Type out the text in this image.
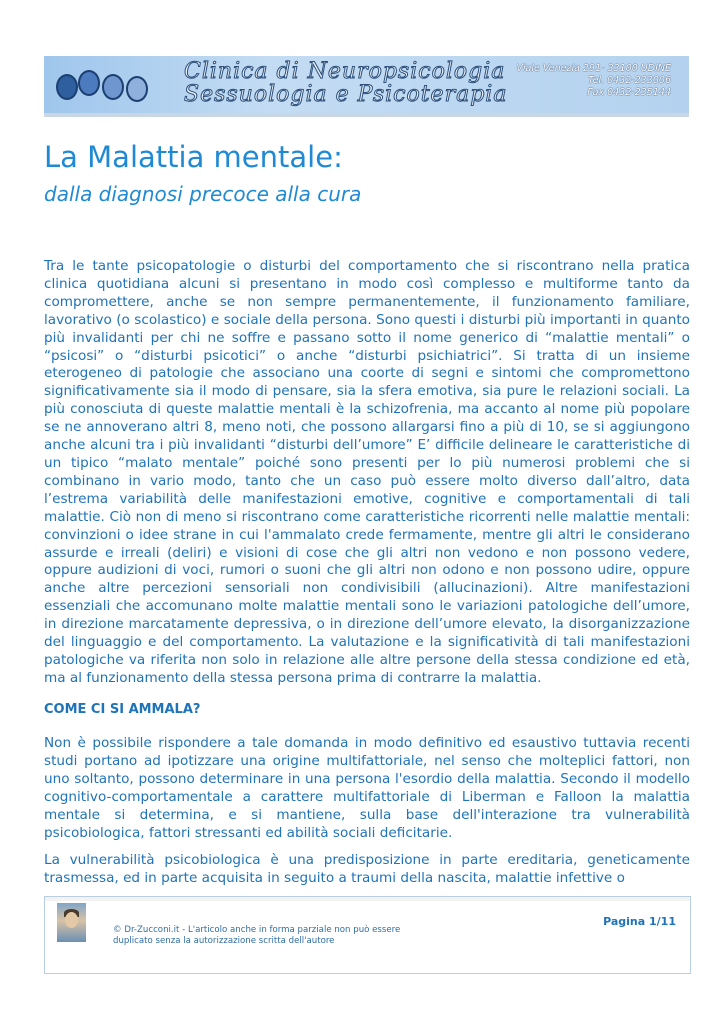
Clinica di Neuropsicologia
Sessuologia e Psicoterapia
Viale Venezia 291- 33100 UDINE
Tel. 0432-233006
Fax 0432-235144
La Malattia mentale:
dalla diagnosi precoce alla cura
Tra le tante psicopatologie o disturbi del comportamento che si riscontrano nella pratica clinica quotidiana alcuni si presentano in modo così complesso e multiforme tanto da compromettere, anche se non sempre permanentemente, il funzionamento familiare, lavorativo (o scolastico) e sociale della persona. Sono questi i disturbi più importanti in quanto più invalidanti per chi ne soffre e passano sotto il nome generico di “malattie mentali” o “psicosi” o “disturbi psicotici” o anche “disturbi psichiatrici”. Si tratta di un insieme eterogeneo di patologie che associano una coorte di segni e sintomi che compromettono significativamente sia il modo di pensare, sia la sfera emotiva, sia pure le relazioni sociali. La più conosciuta di queste malattie mentali è la schizofrenia, ma accanto al nome più popolare se ne annoverano altri 8, meno noti, che possono allargarsi fino a più di 10, se si aggiungono anche alcuni tra i più invalidanti “disturbi dell’umore” E’ difficile delineare le caratteristiche di un tipico “malato mentale” poiché sono presenti per lo più numerosi problemi che si combinano in vario modo, tanto che un caso può essere molto diverso dall’altro, data l’estrema variabilità delle manifestazioni emotive, cognitive e comportamentali di tali malattie. Ciò non di meno si riscontrano come caratteristiche ricorrenti nelle malattie mentali: convinzioni o idee strane in cui l'ammalato crede fermamente, mentre gli altri le considerano assurde e irreali (deliri) e visioni di cose che gli altri non vedono e non possono vedere, oppure audizioni di voci, rumori o suoni che gli altri non odono e non possono udire, oppure anche altre percezioni sensoriali non condivisibili (allucinazioni). Altre manifestazioni essenziali che accomunano molte malattie mentali sono le variazioni patologiche dell’umore, in direzione marcatamente depressiva, o in direzione dell’umore elevato, la disorganizzazione del linguaggio e del comportamento. La valutazione e la significatività di tali manifestazioni patologiche va riferita non solo in relazione alle altre persone della stessa condizione ed età, ma al funzionamento della stessa persona prima di contrarre la malattia.
COME CI SI AMMALA?
Non è possibile rispondere a tale domanda in modo definitivo ed esaustivo tuttavia recenti studi portano ad ipotizzare una origine multifattoriale, nel senso che molteplici fattori, non uno soltanto, possono determinare in una persona l'esordio della malattia. Secondo il modello cognitivo-comportamentale a carattere multifattoriale di Liberman e Falloon la malattia mentale si determina, e si mantiene, sulla base dell'interazione tra vulnerabilità psicobiologica, fattori stressanti ed abilità sociali deficitarie.
La vulnerabilità psicobiologica è una predisposizione in parte ereditaria, geneticamente trasmessa, ed in parte acquisita in seguito a traumi della nascita, malattie infettive o
© Dr-Zucconi.it - L'articolo anche in forma parziale non può essere duplicato senza la autorizzazione scritta dell'autore
Pagina 1/11
